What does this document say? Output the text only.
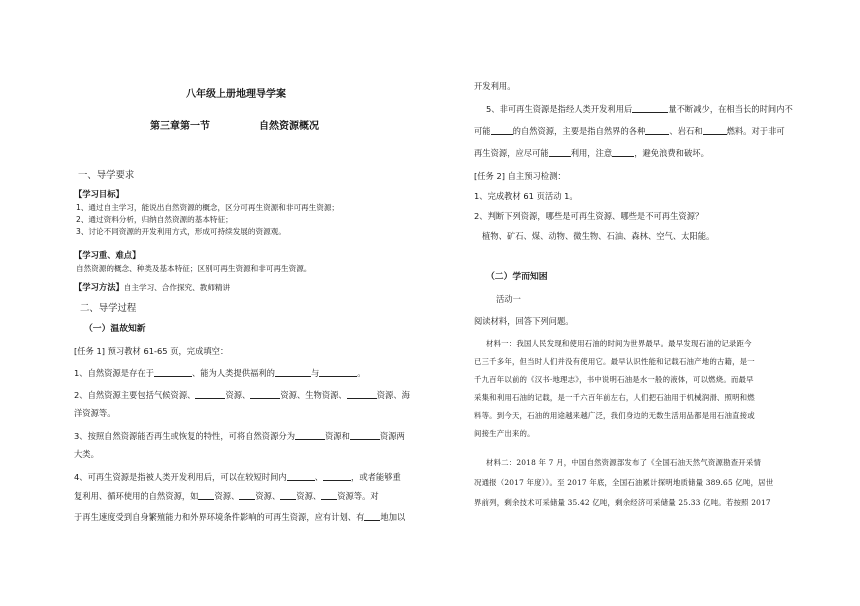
八年级上册地理导学案
第三章第一节	自然资源概况
一、导学要求
【学习目标】
1、通过自主学习，能说出自然资源的概念，区分可再生资源和非可再生资源；
2、通过资料分析，归纳自然资源的基本特征；
3、讨论不同资源的开发利用方式，形成可持续发展的资源观。
【学习重、难点】
自然资源的概念、种类及基本特征；区别可再生资源和非可再生资源。
【学习方法】自主学习、合作探究、教师精讲
二、导学过程
（一）温故知新
[任务 1] 预习教材 61-65 页，完成填空：
1、自然资源是存在于	、能为人类提供福利的	与	。
2、自然资源主要包括气候资源、	资源、	资源、生物资源、	资源、海
洋资源等。
3、按照自然资源能否再生或恢复的特性，可将自然资源分为	资源和	资源两
大类。
4、可再生资源是指被人类开发利用后，可以在较短时间内	、	，或者能够重
复利用、循环使用的自然资源，如 资源、 资源、 资源、 资源等。对
于再生速度受到自身繁殖能力和外界环境条件影响的可再生资源，应有计划、有 地加以
开发利用。
5、非可再生资源是指经人类开发利用后	量不断减少，在相当长的时间内不
可能	的自然资源，主要是指自然界的各种	、岩石和	燃料。对于非可
再生资源，应尽可能	利用，注意	，避免浪费和破坏。
[任务 2] 自主预习检测：
1、完成教材 61 页活动 1。
2、判断下列资源，哪些是可再生资源、哪些是不可再生资源？
植物、矿石、煤、动物、微生物、石油、森林、空气、太阳能。
（二）学而知困
活动一
阅读材料，回答下列问题。
材料一：我国人民发现和使用石油的时间为世界最早。最早发现石油的记录距今
已三千多年，但当时人们并没有使用它。最早认识性能和记载石油产地的古籍，是一
千九百年以前的《汉书·地理志》，书中说明石油是水一般的液体，可以燃烧。而最早
采集和利用石油的记载，是一千六百年前左右，人们把石油用于机械润滑、照明和燃
料等。到今天，石油的用途越来越广泛，我们身边的无数生活用品都是用石油直接或
间接生产出来的。
材料二：2018 年 7 月，中国自然资源部发布了《全国石油天然气资源勘查开采情
况通报（2017 年度）》。至 2017 年底，全国石油累计探明地质储量 389.65 亿吨，居世
界前列，剩余技术可采储量 35.42 亿吨，剩余经济可采储量 25.33 亿吨。若按照 2017
